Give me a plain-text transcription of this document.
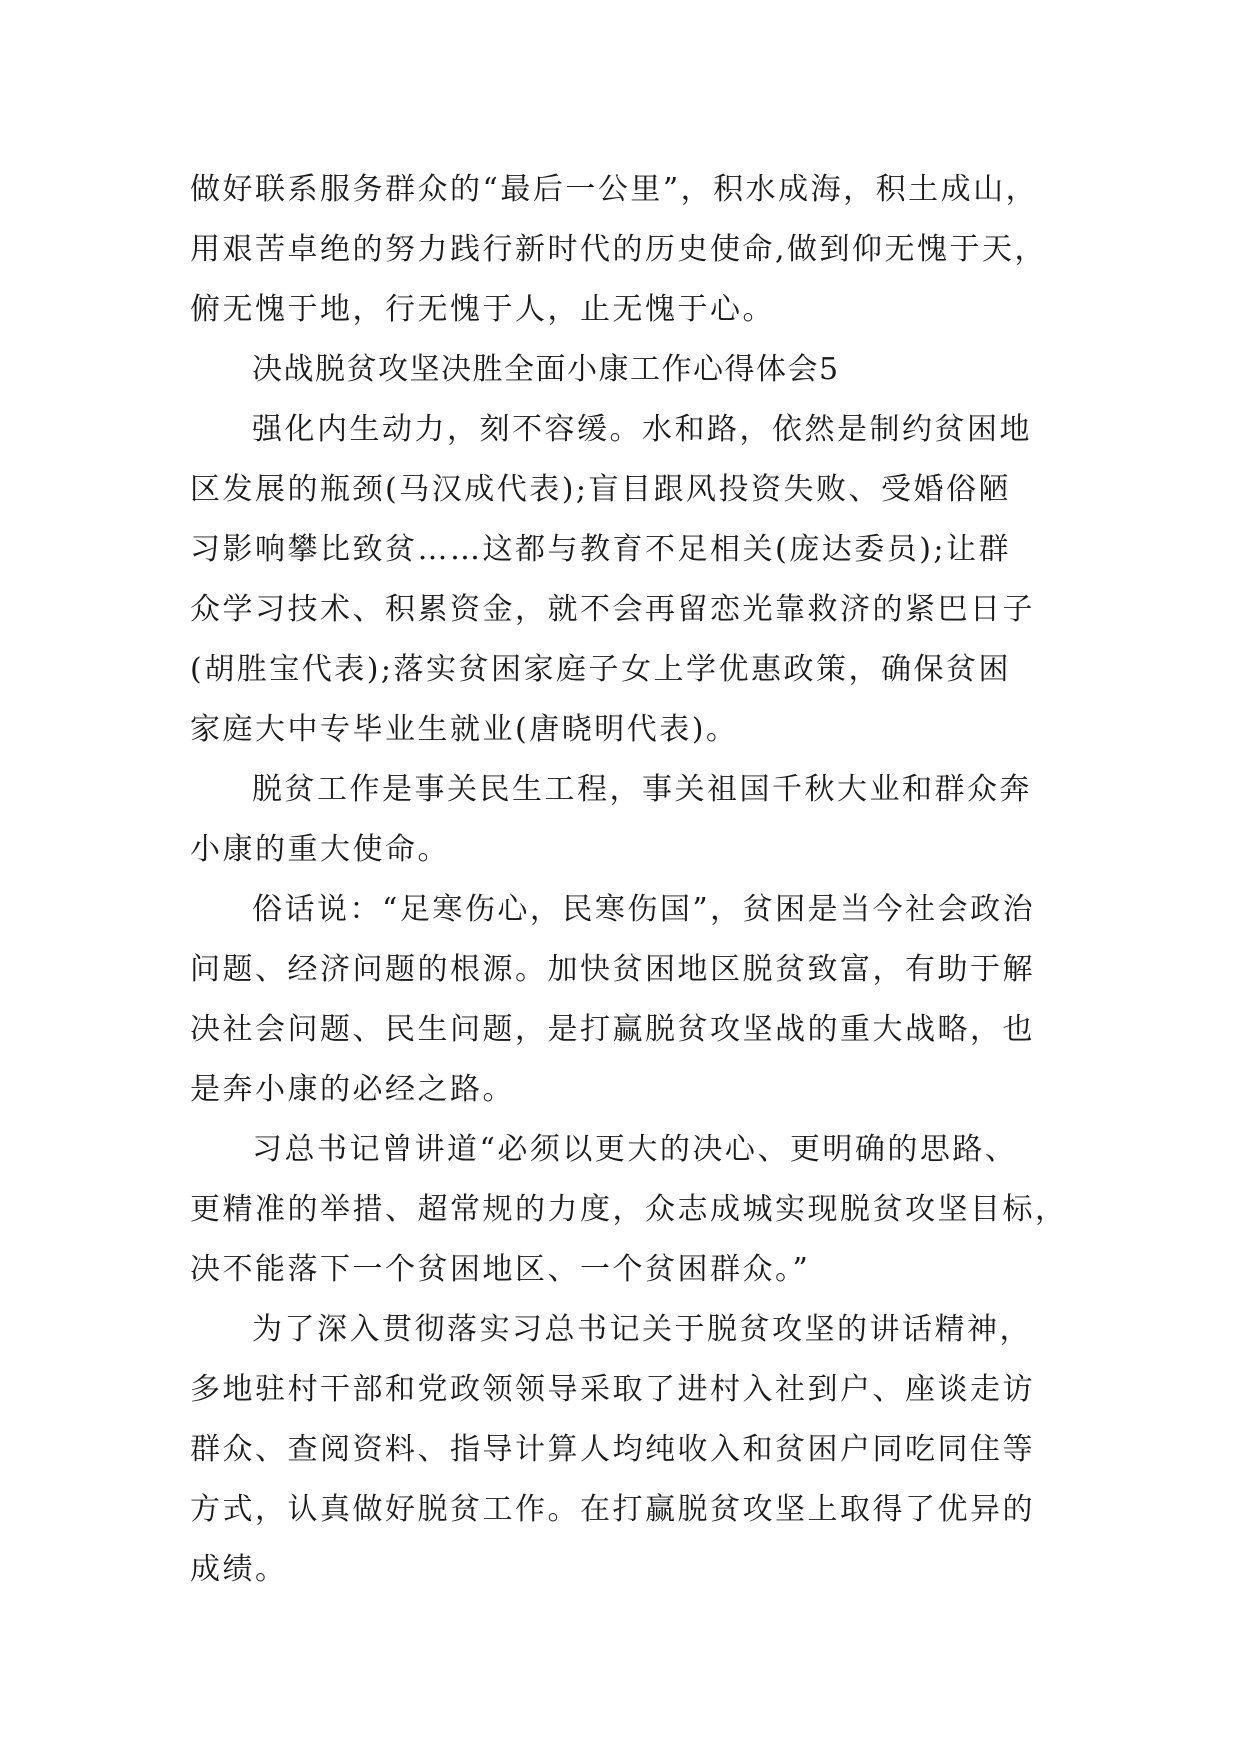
做好联系服务群众的“最后一公里”，积水成海，积土成山，
用艰苦卓绝的努力践行新时代的历史使命,做到仰无愧于天，
俯无愧于地，行无愧于人，止无愧于心。
决战脱贫攻坚决胜全面小康工作心得体会5
强化内生动力，刻不容缓。水和路，依然是制约贫困地
区发展的瓶颈(马汉成代表);盲目跟风投资失败、受婚俗陋
习影响攀比致贫……这都与教育不足相关(庞达委员);让群
众学习技术、积累资金，就不会再留恋光靠救济的紧巴日子
(胡胜宝代表);落实贫困家庭子女上学优惠政策，确保贫困
家庭大中专毕业生就业(唐晓明代表)。
脱贫工作是事关民生工程，事关祖国千秋大业和群众奔
小康的重大使命。
俗话说：“足寒伤心，民寒伤国”，贫困是当今社会政治
问题、经济问题的根源。加快贫困地区脱贫致富，有助于解
决社会问题、民生问题，是打赢脱贫攻坚战的重大战略，也
是奔小康的必经之路。
习总书记曾讲道“必须以更大的决心、更明确的思路、
更精准的举措、超常规的力度，众志成城实现脱贫攻坚目标，
决不能落下一个贫困地区、一个贫困群众。”
为了深入贯彻落实习总书记关于脱贫攻坚的讲话精神，
多地驻村干部和党政领领导采取了进村入社到户、座谈走访
群众、查阅资料、指导计算人均纯收入和贫困户同吃同住等
方式，认真做好脱贫工作。在打赢脱贫攻坚上取得了优异的
成绩。
